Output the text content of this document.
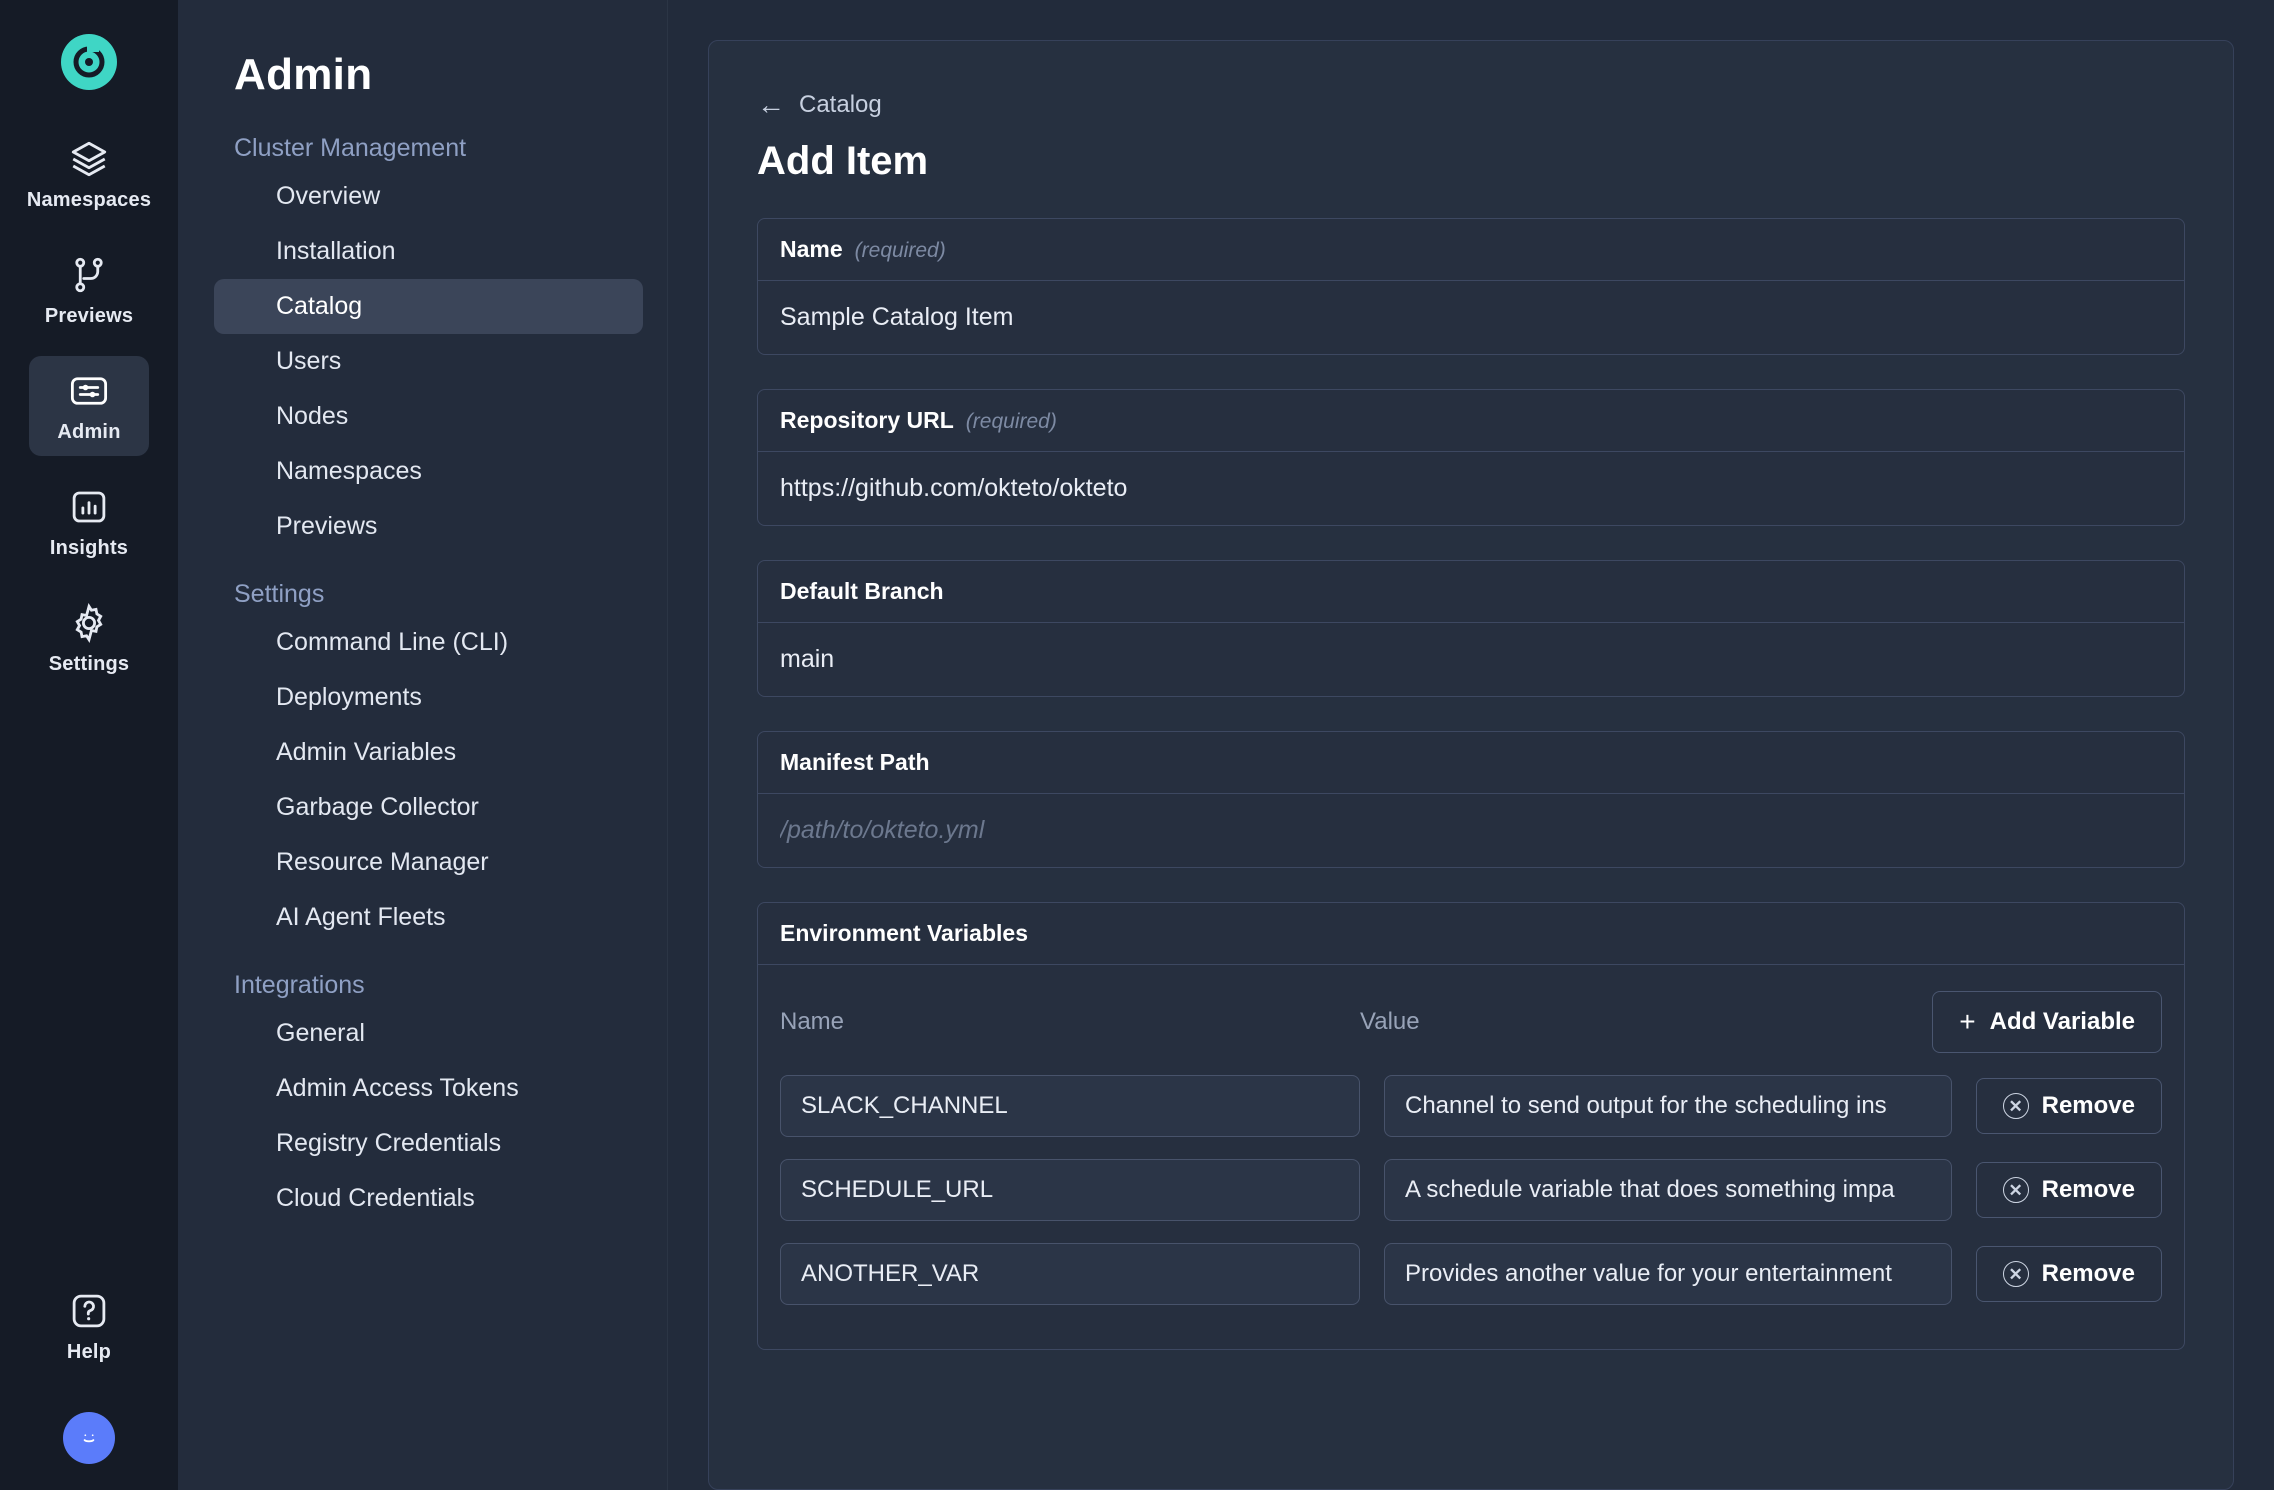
Namespaces
Previews
Admin
Insights
Settings
Help
Admin
Cluster Management
Overview
Installation
Catalog
Users
Nodes
Namespaces
Previews
Settings
Command Line (CLI)
Deployments
Admin Variables
Garbage Collector
Resource Manager
AI Agent Fleets
Integrations
General
Admin Access Tokens
Registry Credentials
Cloud Credentials
← Catalog
Add Item
Name (required)
Sample Catalog Item
Repository URL (required)
https://github.com/okteto/okteto
Default Branch
main
Manifest Path
/path/to/okteto.yml
Environment Variables
Name	Value	+ Add Variable
SLACK_CHANNEL
Channel to send output for the scheduling ins
✕ Remove
SCHEDULE_URL
A schedule variable that does something impa
✕ Remove
ANOTHER_VAR
Provides another value for your entertainment
✕ Remove
